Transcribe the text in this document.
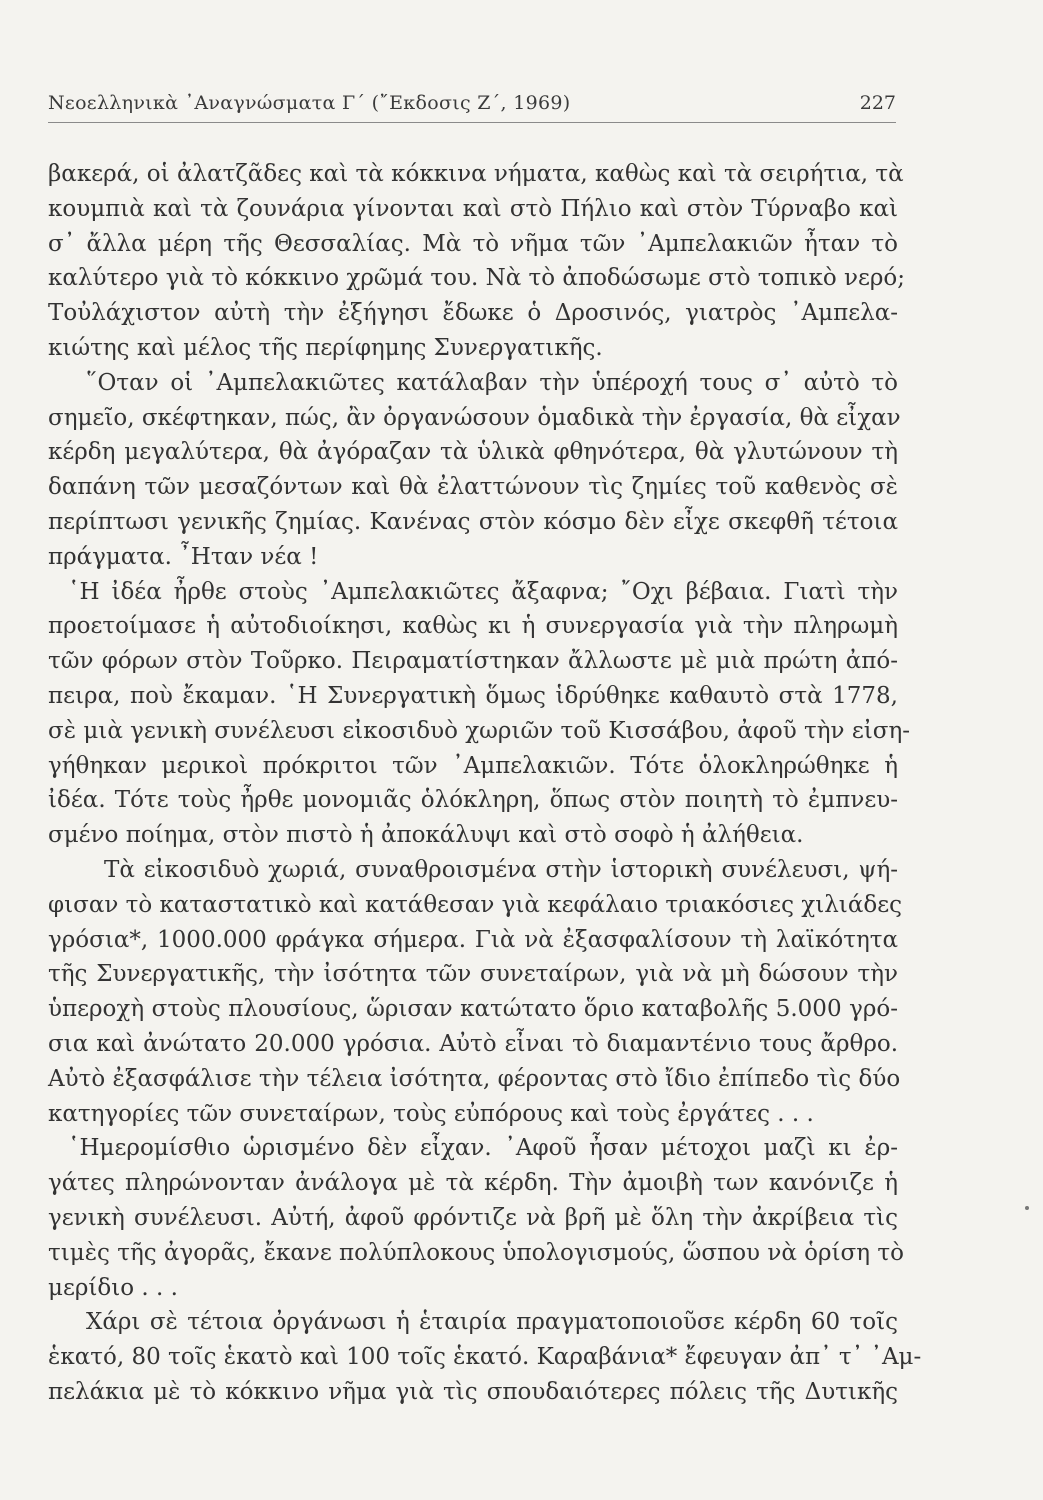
Νεοελληνικὰ ᾿Αναγνώσματα Γ΄ (῎Εκδοσις Ζ΄, 1969)	227
βακερά, οἱ ἀλατζᾶδες καὶ τὰ κόκκινα νήματα, καθὼς καὶ τὰ σειρήτια, τὰ
κουμπιὰ καὶ τὰ ζουνάρια γίνονται καὶ στὸ Πήλιο καὶ στὸν Τύρναβο καὶ
σ᾿ ἄλλα μέρη τῆς Θεσσαλίας. Μὰ τὸ νῆμα τῶν ᾿Αμπελακιῶν ἦταν τὸ
καλύτερο γιὰ τὸ κόκκινο χρῶμά του. Νὰ τὸ ἀποδώσωμε στὸ τοπικὸ νερό;
Τοὐλάχιστον αὐτὴ τὴν ἐξήγησι ἔδωκε ὁ Δροσινός, γιατρὸς ᾿Αμπελα-
κιώτης καὶ μέλος τῆς περίφημης Συνεργατικῆς.
῞Οταν οἱ ᾿Αμπελακιῶτες κατάλαβαν τὴν ὑπέροχή τους σ᾿ αὐτὸ τὸ
σημεῖο, σκέφτηκαν, πώς, ἂν ὀργανώσουν ὁμαδικὰ τὴν ἐργασία, θὰ εἶχαν
κέρδη μεγαλύτερα, θὰ ἀγόραζαν τὰ ὑλικὰ φθηνότερα, θὰ γλυτώνουν τὴ
δαπάνη τῶν μεσαζόντων καὶ θὰ ἐλαττώνουν τὶς ζημίες τοῦ καθενὸς σὲ
περίπτωσι γενικῆς ζημίας. Κανένας στὸν κόσμο δὲν εἶχε σκεφθῆ τέτοια
πράγματα. ῏Ηταν νέα !
῾Η ἰδέα ἦρθε στοὺς ᾿Αμπελακιῶτες ἄξαφνα; ῎Οχι βέβαια. Γιατὶ τὴν
προετοίμασε ἡ αὐτοδιοίκησι, καθὼς κι ἡ συνεργασία γιὰ τὴν πληρωμὴ
τῶν φόρων στὸν Τοῦρκο. Πειραματίστηκαν ἄλλωστε μὲ μιὰ πρώτη ἀπό-
πειρα, ποὺ ἔκαμαν. ῾Η Συνεργατικὴ ὅμως ἱδρύθηκε καθαυτὸ στὰ 1778,
σὲ μιὰ γενικὴ συνέλευσι εἰκοσιδυὸ χωριῶν τοῦ Κισσάβου, ἀφοῦ τὴν εἰση-
γήθηκαν μερικοὶ πρόκριτοι τῶν ᾿Αμπελακιῶν. Τότε ὁλοκληρώθηκε ἡ
ἰδέα. Τότε τοὺς ἦρθε μονομιᾶς ὁλόκληρη, ὅπως στὸν ποιητὴ τὸ ἐμπνευ-
σμένο ποίημα, στὸν πιστὸ ἡ ἀποκάλυψι καὶ στὸ σοφὸ ἡ ἀλήθεια.
Τὰ εἰκοσιδυὸ χωριά, συναθροισμένα στὴν ἱστορικὴ συνέλευσι, ψή-
φισαν τὸ καταστατικὸ καὶ κατάθεσαν γιὰ κεφάλαιο τριακόσιες χιλιάδες
γρόσια*, 1000.000 φράγκα σήμερα. Γιὰ νὰ ἐξασφαλίσουν τὴ λαϊκότητα
τῆς Συνεργατικῆς, τὴν ἰσότητα τῶν συνεταίρων, γιὰ νὰ μὴ δώσουν τὴν
ὑπεροχὴ στοὺς πλουσίους, ὥρισαν κατώτατο ὅριο καταβολῆς 5.000 γρό-
σια καὶ ἀνώτατο 20.000 γρόσια. Αὐτὸ εἶναι τὸ διαμαντένιο τους ἄρθρο.
Αὐτὸ ἐξασφάλισε τὴν τέλεια ἰσότητα, φέροντας στὸ ἴδιο ἐπίπεδο τὶς δύο
κατηγορίες τῶν συνεταίρων, τοὺς εὐπόρους καὶ τοὺς ἐργάτες . . .
῾Ημερομίσθιο ὡρισμένο δὲν εἶχαν. ᾿Αφοῦ ἦσαν μέτοχοι μαζὶ κι ἐρ-
γάτες πληρώνονταν ἀνάλογα μὲ τὰ κέρδη. Τὴν ἀμοιβὴ των κανόνιζε ἡ
γενικὴ συνέλευσι. Αὐτή, ἀφοῦ φρόντιζε νὰ βρῆ μὲ ὅλη τὴν ἀκρίβεια τὶς
τιμὲς τῆς ἀγορᾶς, ἔκανε πολύπλοκους ὑπολογισμούς, ὥσπου νὰ ὁρίση τὸ
μερίδιο . . .
Χάρι σὲ τέτοια ὀργάνωσι ἡ ἑταιρία πραγματοποιοῦσε κέρδη 60 τοῖς
ἑκατό, 80 τοῖς ἑκατὸ καὶ 100 τοῖς ἑκατό. Καραβάνια* ἔφευγαν ἀπ᾿ τ᾿ ᾿Αμ-
πελάκια μὲ τὸ κόκκινο νῆμα γιὰ τὶς σπουδαιότερες πόλεις τῆς Δυτικῆς
